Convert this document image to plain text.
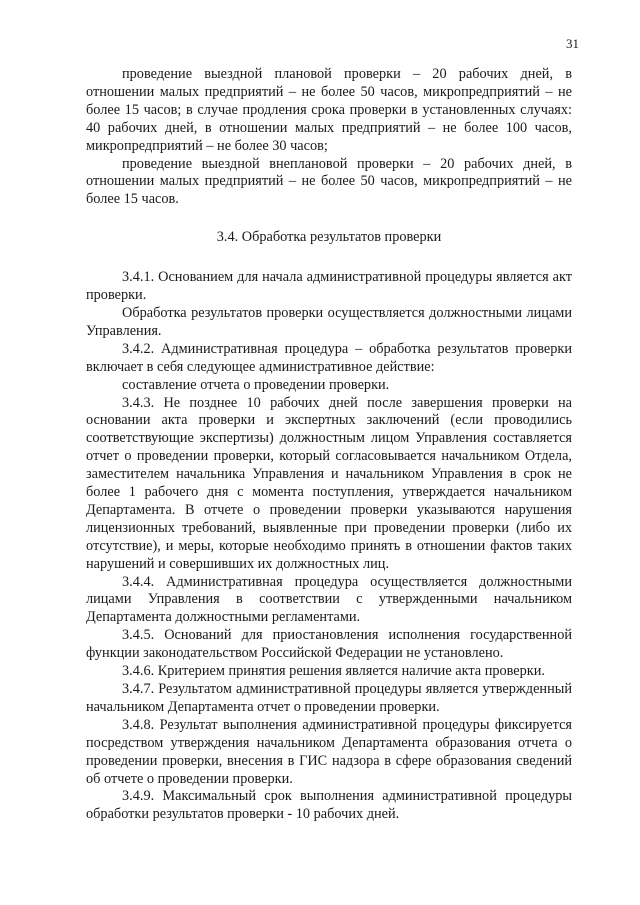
31

проведение выездной плановой проверки – 20 рабочих дней, в отношении малых предприятий – не более 50 часов, микропредприятий – не более 15 часов; в случае продления срока проверки в установленных случаях: 40 рабочих дней, в отношении малых предприятий – не более 100 часов, микропредприятий – не более 30 часов;

проведение выездной внеплановой проверки – 20 рабочих дней, в отношении малых предприятий – не более 50 часов, микропредприятий – не более 15 часов.

3.4. Обработка результатов проверки

3.4.1. Основанием для начала административной процедуры является акт проверки.

Обработка результатов проверки осуществляется должностными лицами Управления.

3.4.2. Административная процедура – обработка результатов проверки включает в себя следующее административное действие:

составление отчета о проведении проверки.

3.4.3. Не позднее 10 рабочих дней после завершения проверки на основании акта проверки и экспертных заключений (если проводились соответствующие экспертизы) должностным лицом Управления составляется отчет о проведении проверки, который согласовывается начальником Отдела, заместителем начальника Управления и начальником Управления в срок не более 1 рабочего дня с момента поступления, утверждается начальником Департамента. В отчете о проведении проверки указываются нарушения лицензионных требований, выявленные при проведении проверки (либо их отсутствие), и меры, которые необходимо принять в отношении фактов таких нарушений и совершивших их должностных лиц.

3.4.4. Административная процедура осуществляется должностными лицами Управления в соответствии с утвержденными начальником Департамента должностными регламентами.

3.4.5. Оснований для приостановления исполнения государственной функции законодательством Российской Федерации не установлено.

3.4.6. Критерием принятия решения является наличие акта проверки.

3.4.7. Результатом административной процедуры является утвержденный начальником Департамента отчет о проведении проверки.

3.4.8. Результат выполнения административной процедуры фиксируется посредством утверждения начальником Департамента образования отчета о проведении проверки, внесения в ГИС надзора в сфере образования сведений об отчете о проведении проверки.

3.4.9. Максимальный срок выполнения административной процедуры обработки результатов проверки - 10 рабочих дней.
